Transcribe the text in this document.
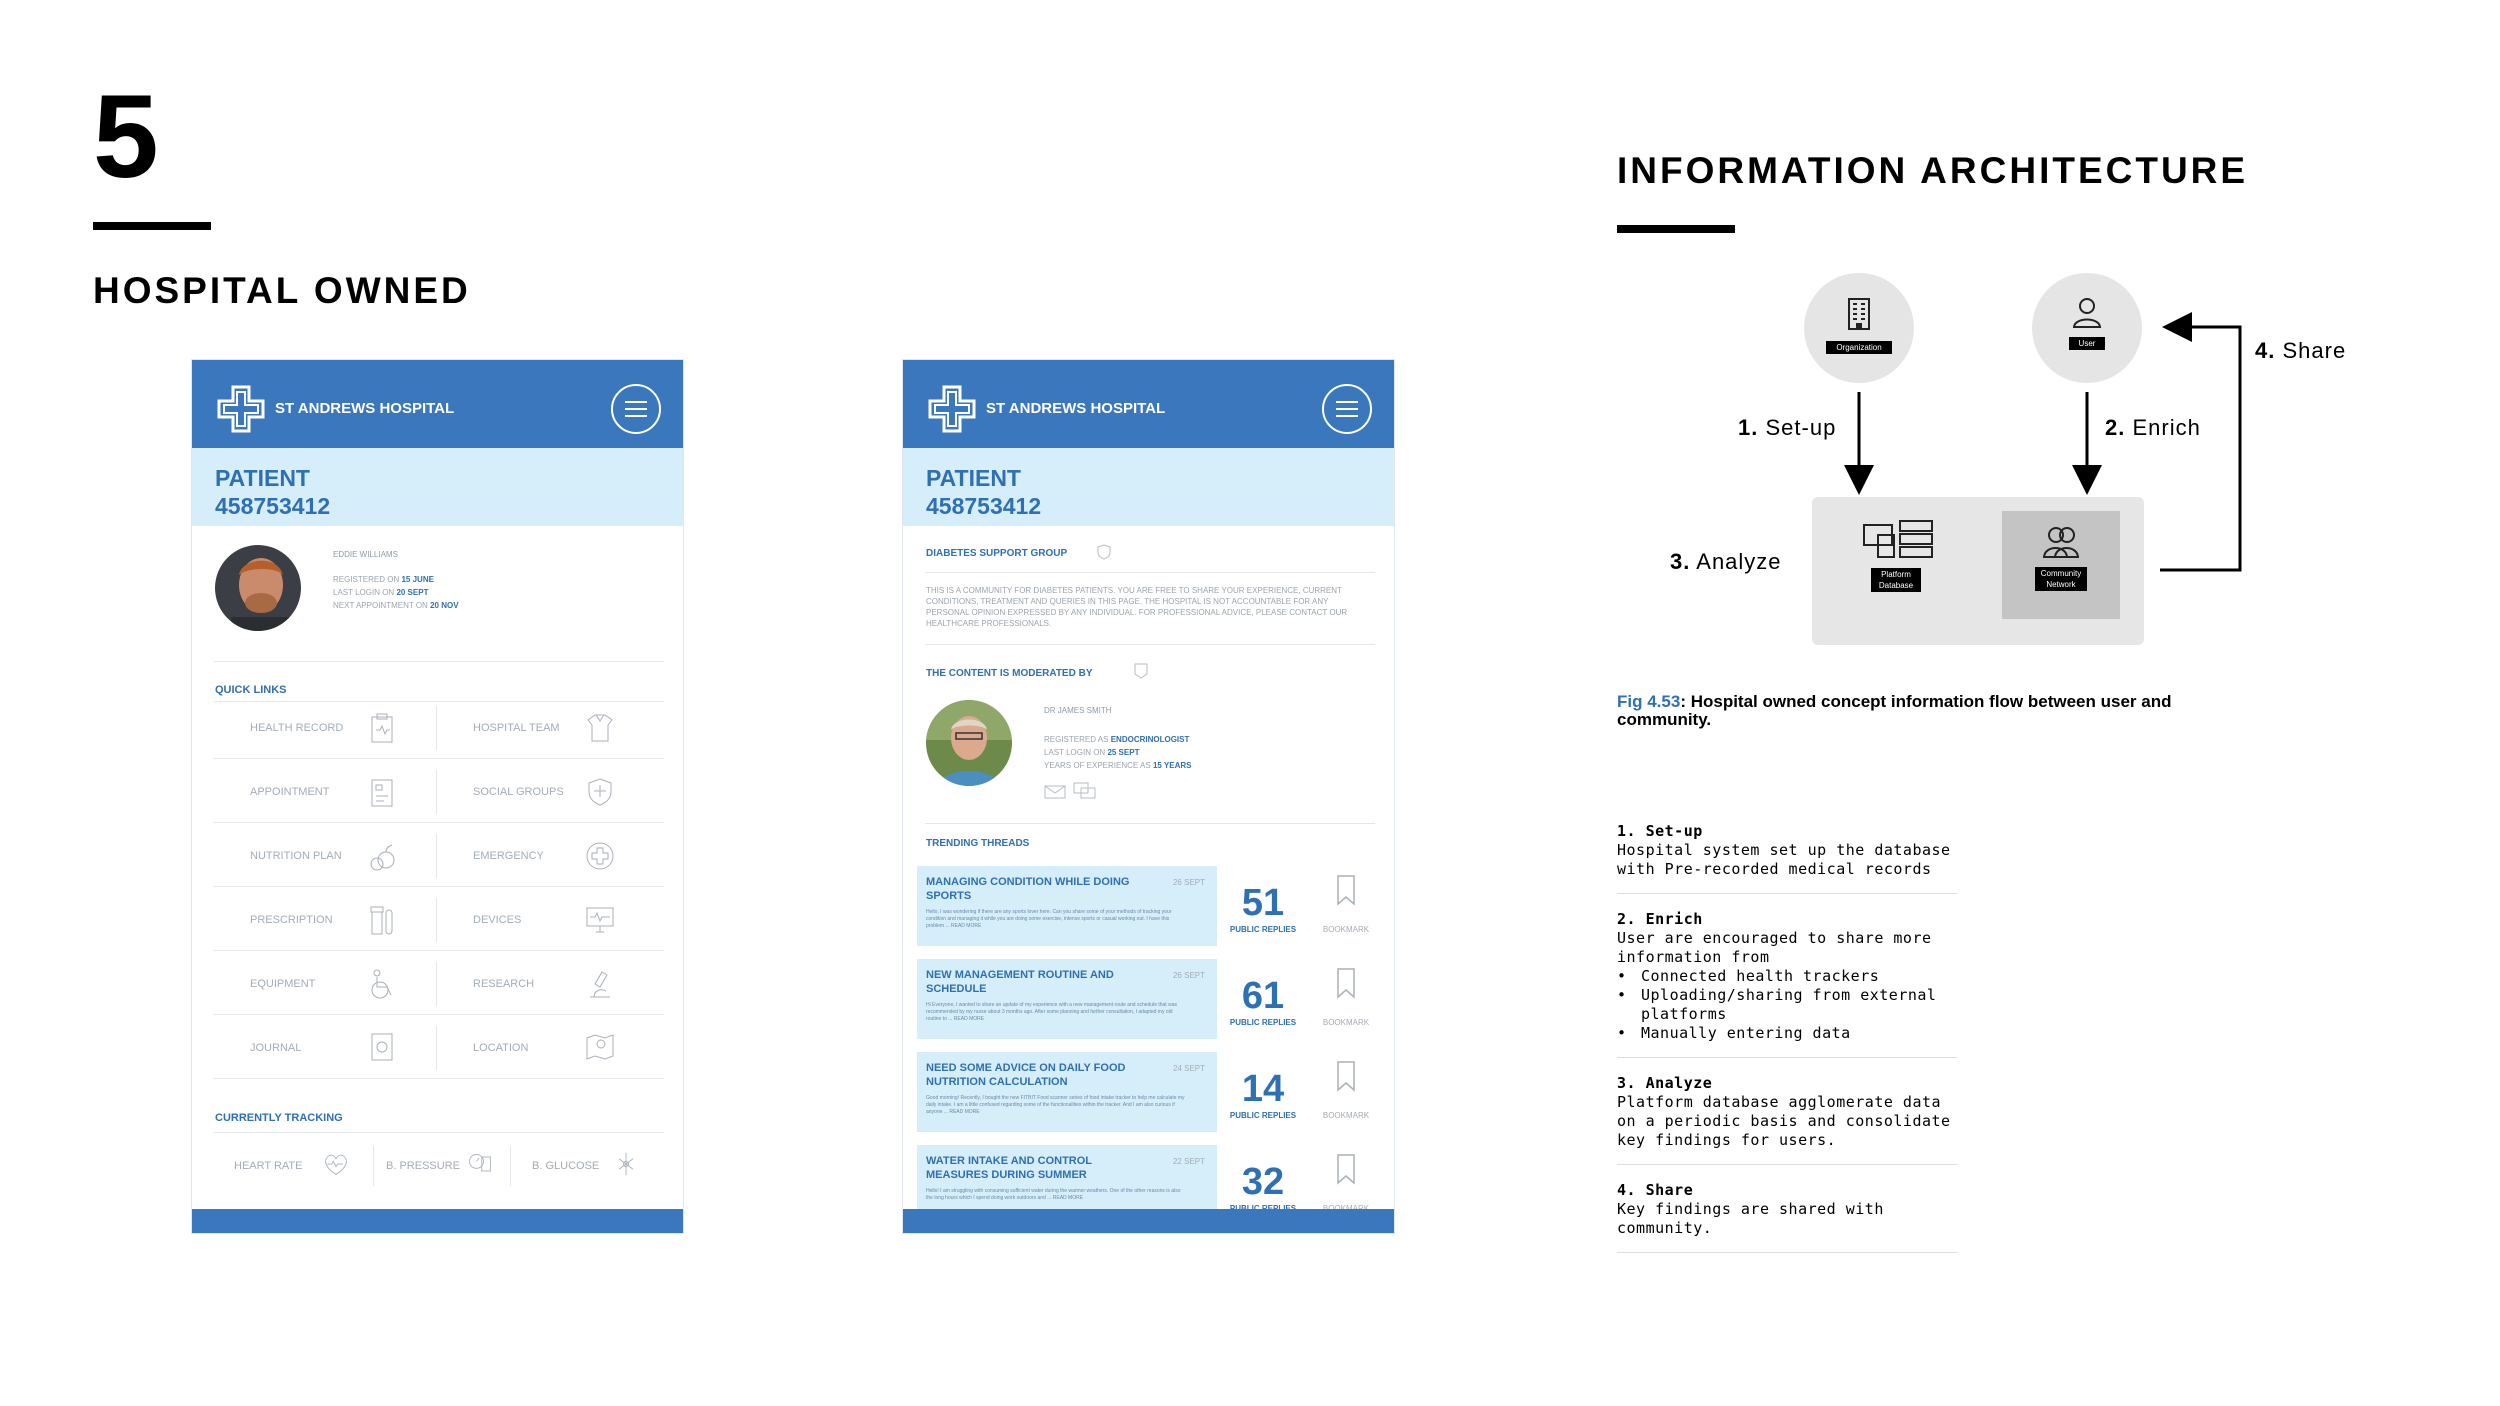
5
HOSPITAL OWNED
ST ANDREWS HOSPITAL
PATIENT
458753412
EDDIE WILLIAMS
REGISTERED ON 15 JUNE
LAST LOGIN ON 20 SEPT
NEXT APPOINTMENT ON 20 NOV
QUICK LINKS
HEALTH RECORD	HOSPITAL TEAM
APPOINTMENT	SOCIAL GROUPS
NUTRITION PLAN	EMERGENCY
PRESCRIPTION	DEVICES
EQUIPMENT	RESEARCH
JOURNAL	LOCATION
CURRENTLY TRACKING
HEART RATE	B. PRESSURE	B. GLUCOSE
ST ANDREWS HOSPITAL
PATIENT
458753412
DIABETES SUPPORT GROUP
THIS IS A COMMUNITY FOR DIABETES PATIENTS. YOU ARE FREE TO SHARE YOUR EXPERIENCE, CURRENT CONDITIONS, TREATMENT AND QUERIES IN THIS PAGE. THE HOSPITAL IS NOT ACCOUNTABLE FOR ANY PERSONAL OPINION EXPRESSED BY ANY INDIVIDUAL. FOR PROFESSIONAL ADVICE, PLEASE CONTACT OUR HEALTHCARE PROFESSIONALS.
THE CONTENT IS MODERATED BY
DR JAMES SMITH
REGISTERED AS ENDOCRINOLOGIST
LAST LOGIN ON 25 SEPT
YEARS OF EXPERIENCE AS 15 YEARS
TRENDING THREADS
MANAGING CONDITION WHILE DOING SPORTS
26 SEPT
Hello, I was wondering if there are any sports lover here. Can you share some of your methods of tracking your condition and managing it while you are doing some exercise, intense sports or casual working out. I have this problem ... READ MORE
51
PUBLIC REPLIES	BOOKMARK
NEW MANAGEMENT ROUTINE AND SCHEDULE
26 SEPT
Hi Everyone, I wanted to share an update of my experience with a new management route and schedule that was recommended by my nurse about 3 months ago. After some planning and further consultation, I adapted my old routine to ... READ MORE
61
PUBLIC REPLIES	BOOKMARK
NEED SOME ADVICE ON DAILY FOOD NUTRITION CALCULATION
24 SEPT
Good morning! Recently, I bought the new FITBIT Food scanner series of food intake tracker to help me calculate my daily intake. I am a little confused regarding some of the functionalities within the tracker. And I am also curious if anyone ... READ MORE
14
PUBLIC REPLIES	BOOKMARK
WATER INTAKE AND CONTROL MEASURES DURING SUMMER
22 SEPT
Hello! I am struggling with consuming sufficient water during the warmer weathers. One of the other reasons is also the long hours which I spend doing work outdoors and ... READ MORE	32
INFORMATION ARCHITECTURE
Organization	User
Platform
Database
Community
Network
1. Set-up	2. Enrich
3. Analyze
4. Share
Fig 4.53: Hospital owned concept information flow between user and community.
1. Set-up
Hospital system set up the database with Pre-recorded medical records
2. Enrich
User are encouraged to share more information from
• Connected health trackers
• Uploading/sharing from external platforms
• Manually entering data
3. Analyze
Platform database agglomerate data on a periodic basis and consolidate key findings for users.
4. Share
Key findings are shared with community.
